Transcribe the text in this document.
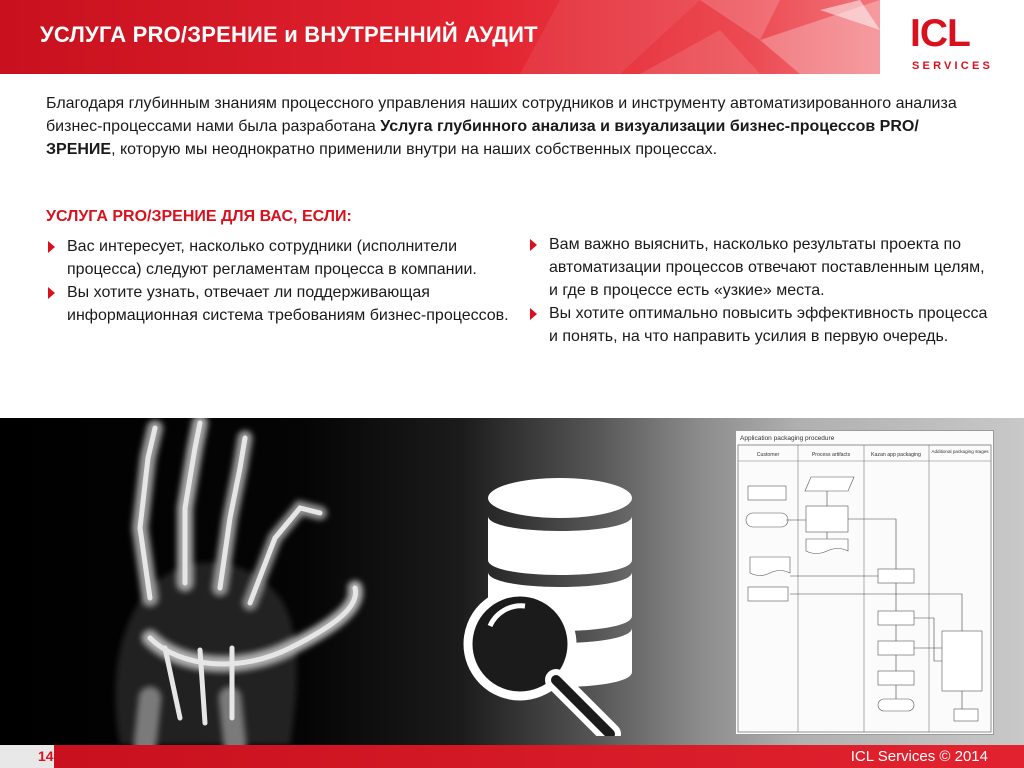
УСЛУГА PRO/ЗРЕНИЕ и ВНУТРЕННИЙ АУДИТ	ICL
SERVICES
Благодаря глубинным знаниям процессного управления наших сотрудников и инструменту автоматизированного анализа бизнес-процессами нами была разработана Услуга глубинного анализа и визуализации бизнес-процессов PRO/ЗРЕНИЕ, которую мы неоднократно применили внутри на наших собственных процессах.
УСЛУГА PRO/ЗРЕНИЕ ДЛЯ ВАС, ЕСЛИ:

Вас интересует, насколько сотрудники (исполнители процесса) следуют регламентам процесса в компании.

Вы хотите узнать, отвечает ли поддерживающая информационная система требованиям бизнес-процессов.

Вам важно выяснить, насколько результаты проекта по автоматизации процессов отвечают поставленным целям, и где в процессе есть «узкие» места.

Вы хотите оптимально повысить эффективность процесса и понять, на что направить усилия в первую очередь.

Application packaging procedure
Customer	Process artifacts	Kazan app packaging
Additional packaging stages
14	ICL Services © 2014
